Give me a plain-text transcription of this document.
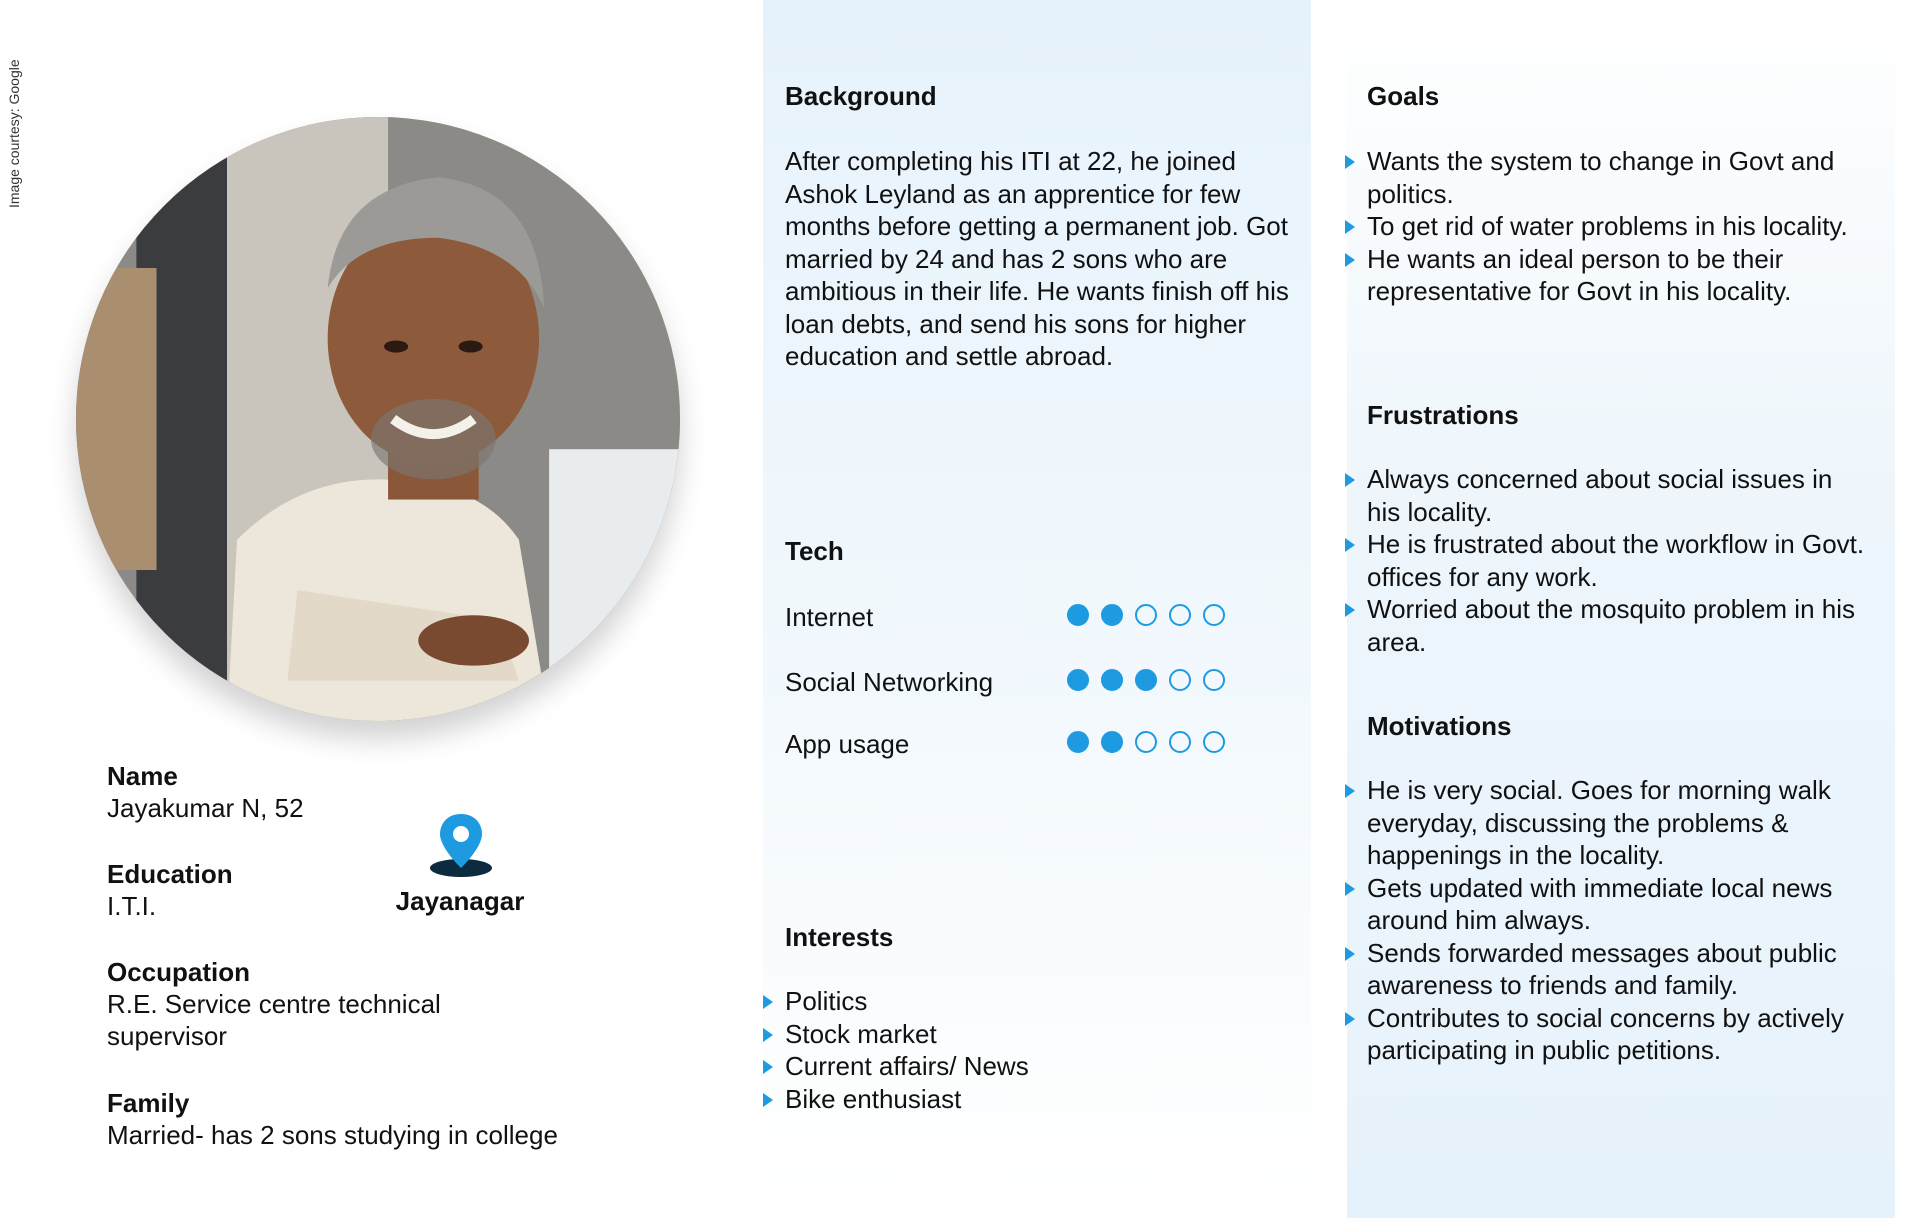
Image courtesy: Google
Name
Jayakumar N, 52
Education
I.T.I.
Occupation
R.E. Service centre technical
supervisor
Family
Married- has 2 sons studying in college
Jayanagar
Background
After completing his ITI at 22, he joined Ashok Leyland as an apprentice for few months before getting a permanent job. Got married by 24 and has 2 sons who are ambitious in their life. He wants finish off his loan debts, and send his sons for higher education and settle abroad.
Tech
Internet
Social Networking
App usage
Interests
Politics
Stock market
Current affairs/ News
Bike enthusiast
Goals
Wants the system to change in Govt and politics.
To get rid of water problems in his locality.
He wants an ideal person to be their representative for Govt in his locality.
Frustrations
Always concerned about social issues in his locality.
He is frustrated about the workflow in Govt. offices for any work.
Worried about the mosquito problem in his area.
Motivations
He is very social. Goes for morning walk everyday, discussing the problems & happenings in the locality.
Gets updated with immediate local news around him always.
Sends forwarded messages about public awareness to friends and family.
Contributes to social concerns by actively participating in public petitions.
